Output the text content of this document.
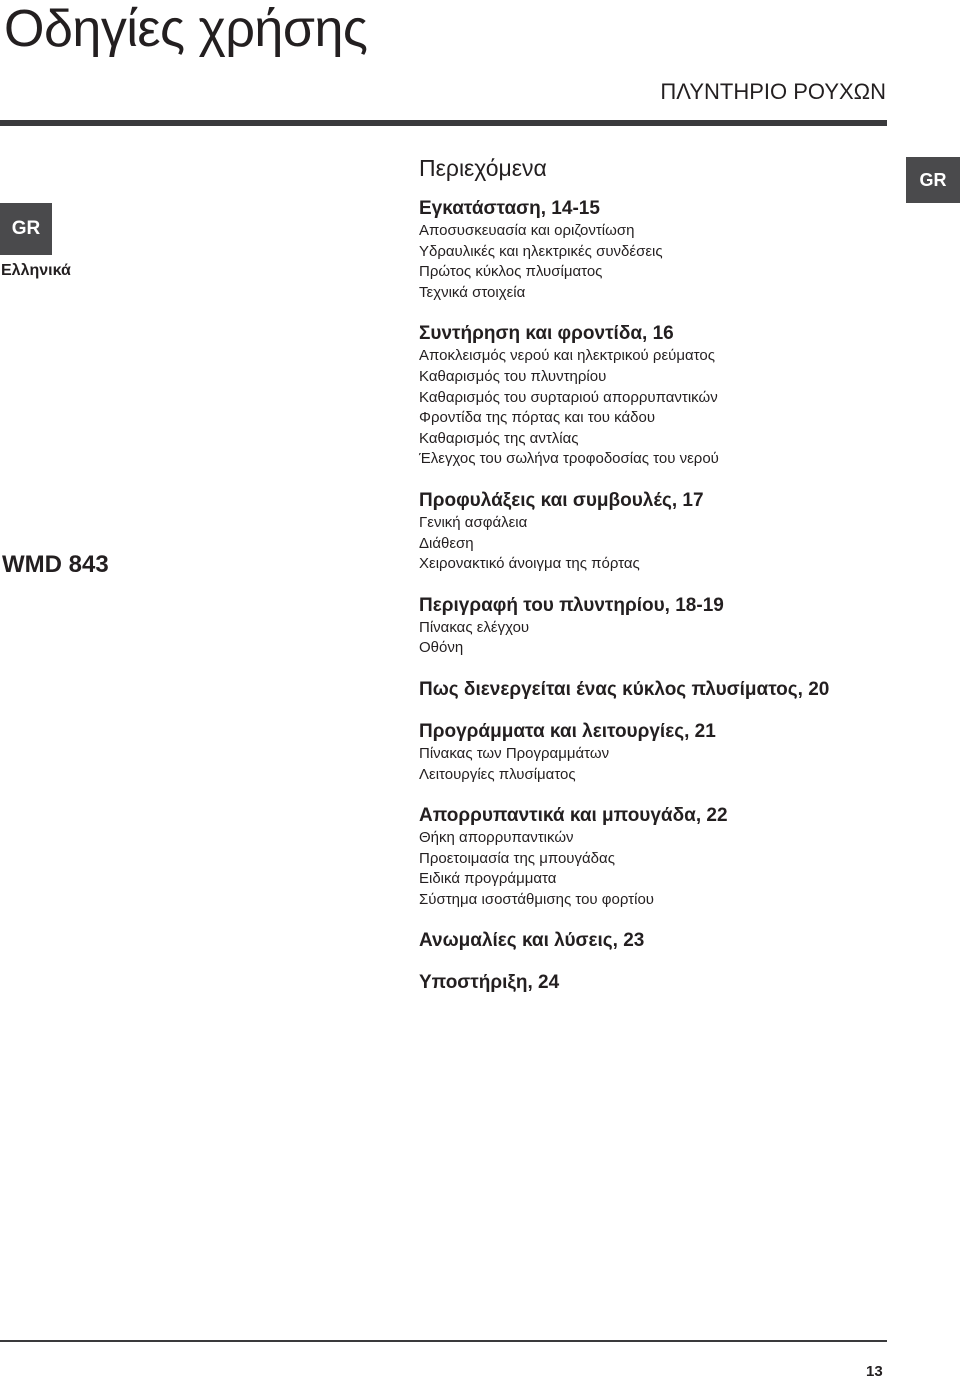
Οδηγίες χρήσης
ΠΛΥΝΤΗΡΙΟ ΡΟΥΧΩΝ
GR
GR
Ελληνικά
WMD 843
Περιεχόμενα
Εγκατάσταση, 14-15
Αποσυσκευασία και οριζοντίωση
Υδραυλικές και ηλεκτρικές συνδέσεις
Πρώτος κύκλος πλυσίματος
Τεχνικά στοιχεία
Συντήρηση και φροντίδα, 16
Αποκλεισμός νερού και ηλεκτρικού ρεύματος
Καθαρισμός του πλυντηρίου
Καθαρισμός του συρταριού απορρυπαντικών
Φροντίδα της πόρτας και του κάδου
Καθαρισμός της αντλίας
Έλεγχος του σωλήνα τροφοδοσίας του νερού
Προφυλάξεις και συμβουλές, 17
Γενική ασφάλεια
Διάθεση
Χειρονακτικό άνοιγμα της πόρτας
Περιγραφή του πλυντηρίου, 18-19
Πίνακας ελέγχου
Οθόνη
Πως διενεργείται ένας κύκλος πλυσίματος, 20
Προγράμματα και λειτουργίες, 21
Πίνακας των Προγραμμάτων
Λειτουργίες πλυσίματος
Απορρυπαντικά και μπουγάδα, 22
Θήκη απορρυπαντικών
Προετοιμασία της μπουγάδας
Ειδικά προγράμματα
Σύστημα ισοστάθμισης του φορτίου
Ανωμαλίες και λύσεις, 23
Υποστήριξη, 24
13
